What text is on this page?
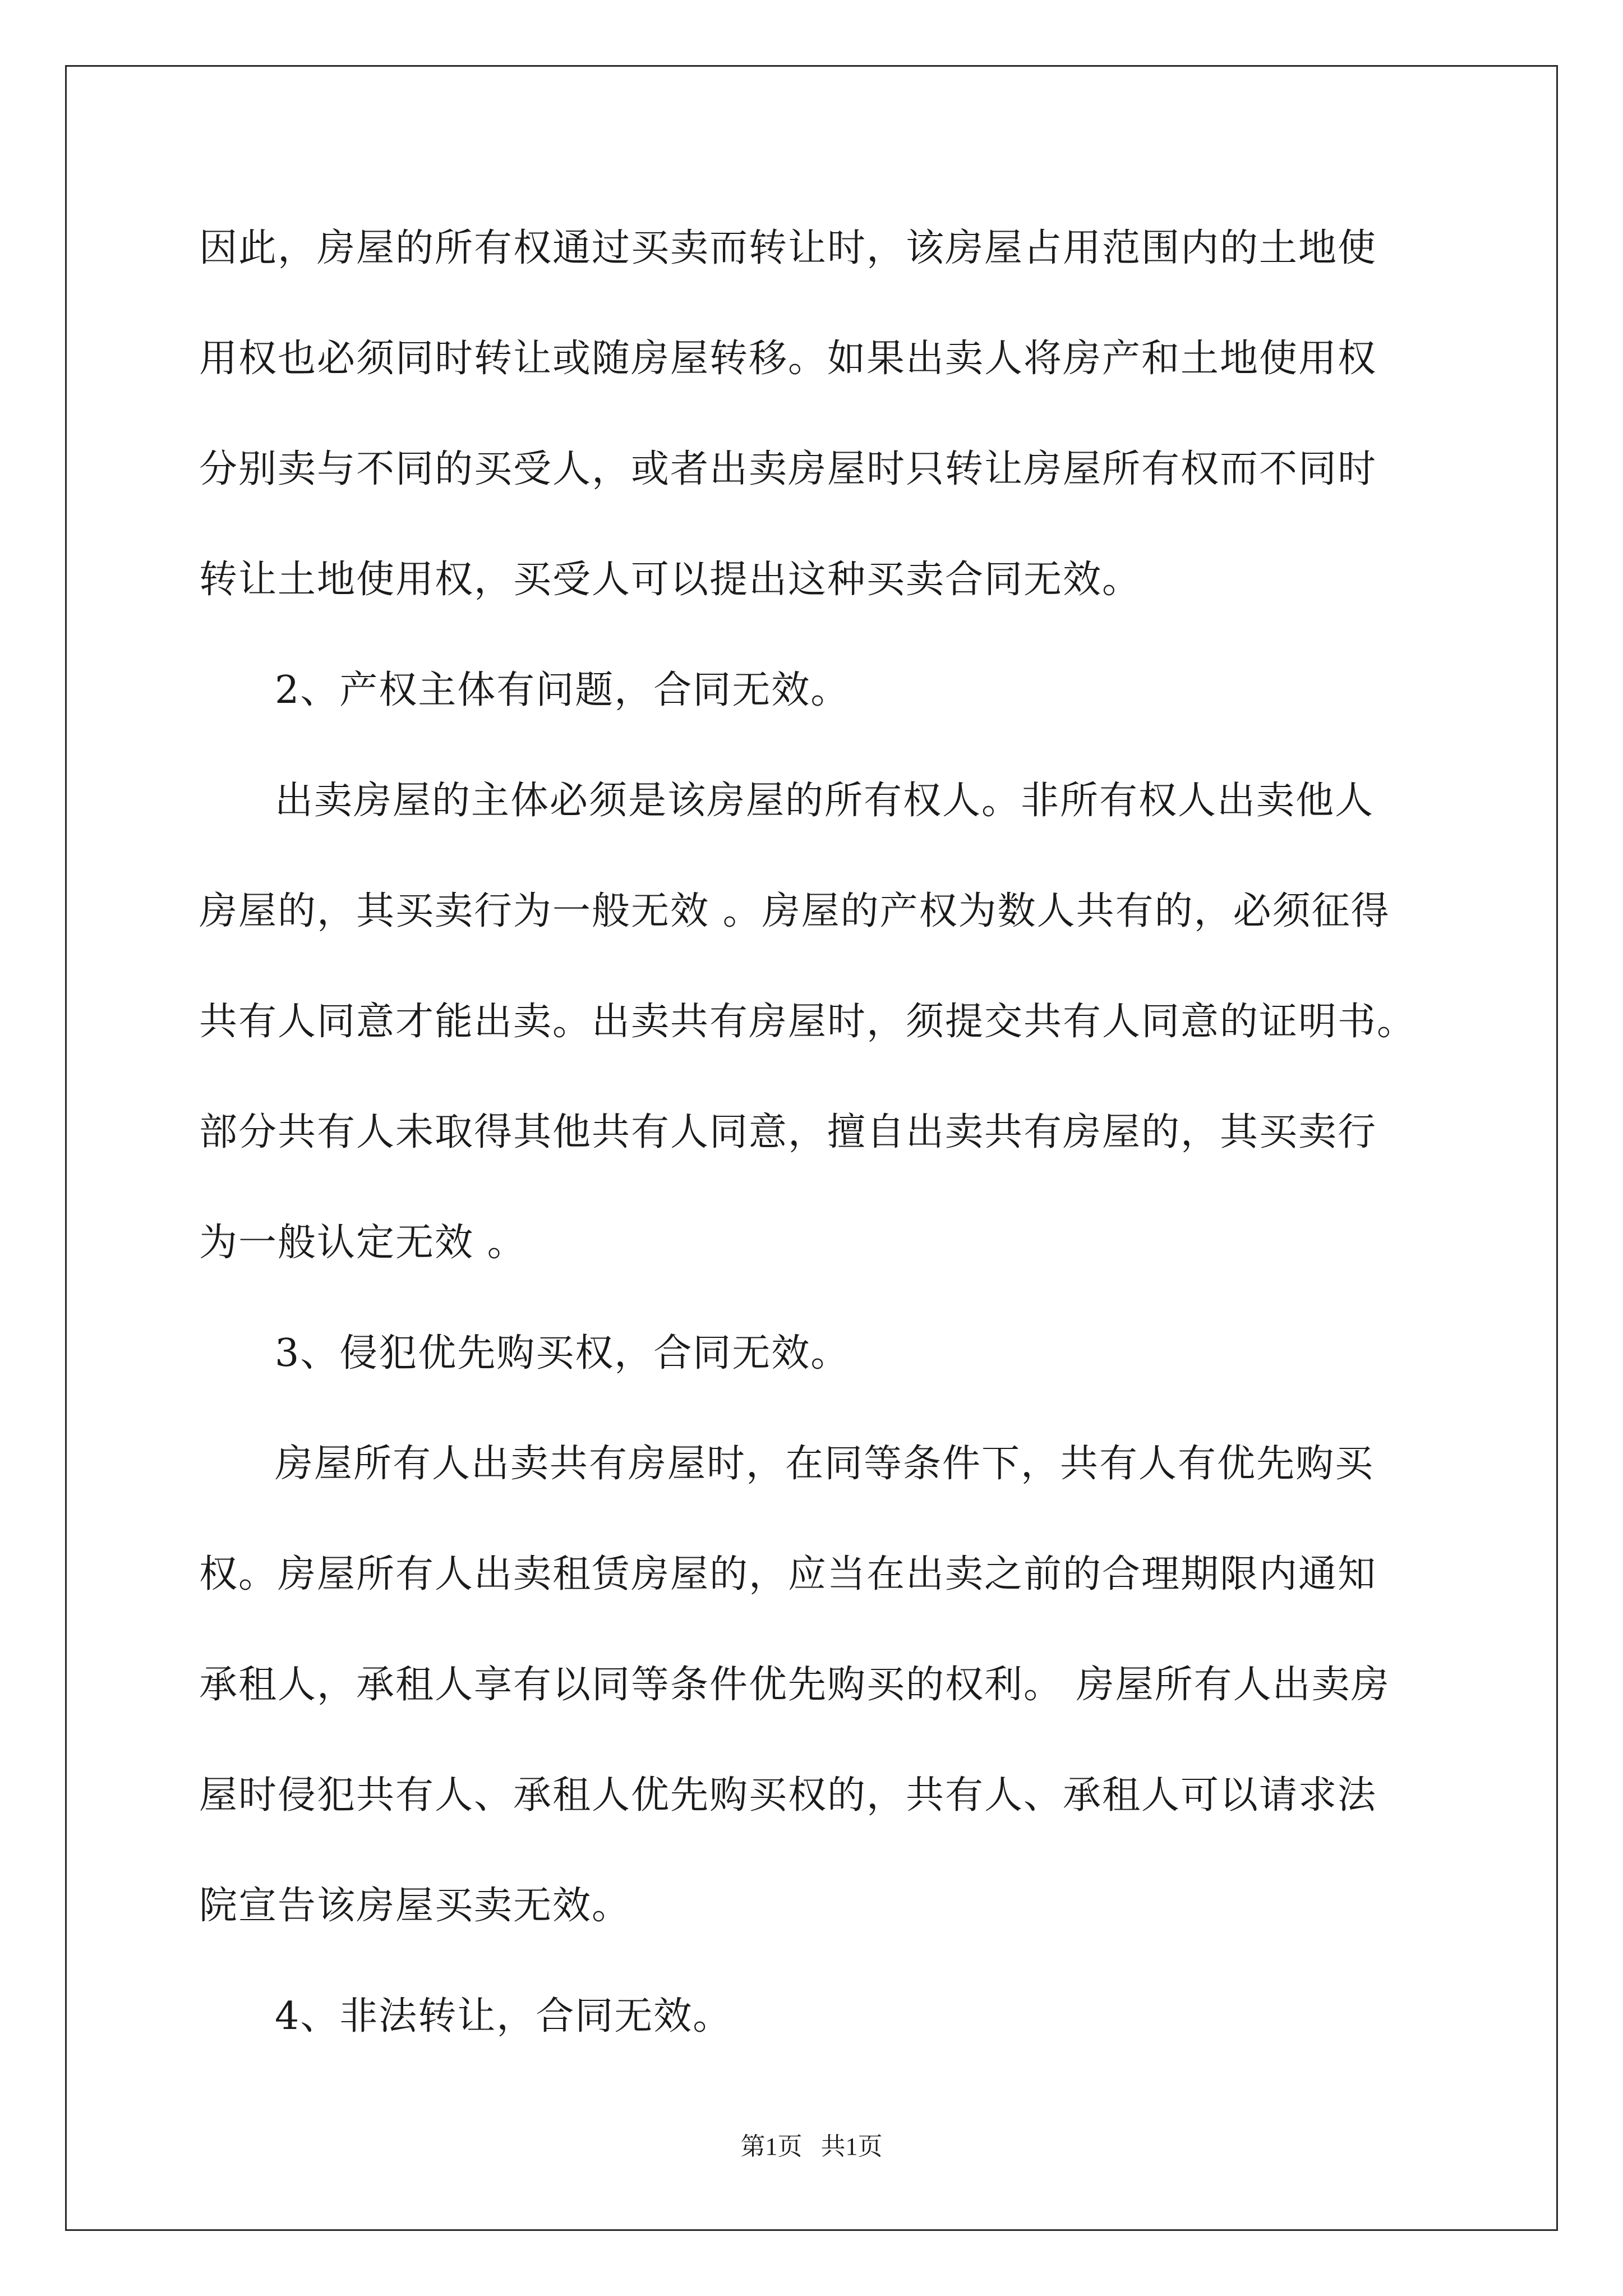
因此，房屋的所有权通过买卖而转让时，该房屋占用范围内的土地使
用权也必须同时转让或随房屋转移。如果出卖人将房产和土地使用权
分别卖与不同的买受人，或者出卖房屋时只转让房屋所有权而不同时
转让土地使用权，买受人可以提出这种买卖合同无效。
2、产权主体有问题，合同无效。
出卖房屋的主体必须是该房屋的所有权人。非所有权人出卖他人
房屋的，其买卖行为一般无效 。房屋的产权为数人共有的，必须征得
共有人同意才能出卖。出卖共有房屋时，须提交共有人同意的证明书。
部分共有人未取得其他共有人同意，擅自出卖共有房屋的，其买卖行
为一般认定无效 。
3、侵犯优先购买权，合同无效。
房屋所有人出卖共有房屋时，在同等条件下，共有人有优先购买
权。房屋所有人出卖租赁房屋的，应当在出卖之前的合理期限内通知
承租人，承租人享有以同等条件优先购买的权利。 房屋所有人出卖房
屋时侵犯共有人、承租人优先购买权的，共有人、承租人可以请求法
院宣告该房屋买卖无效。
4、非法转让，合同无效。
第1页   共1页
